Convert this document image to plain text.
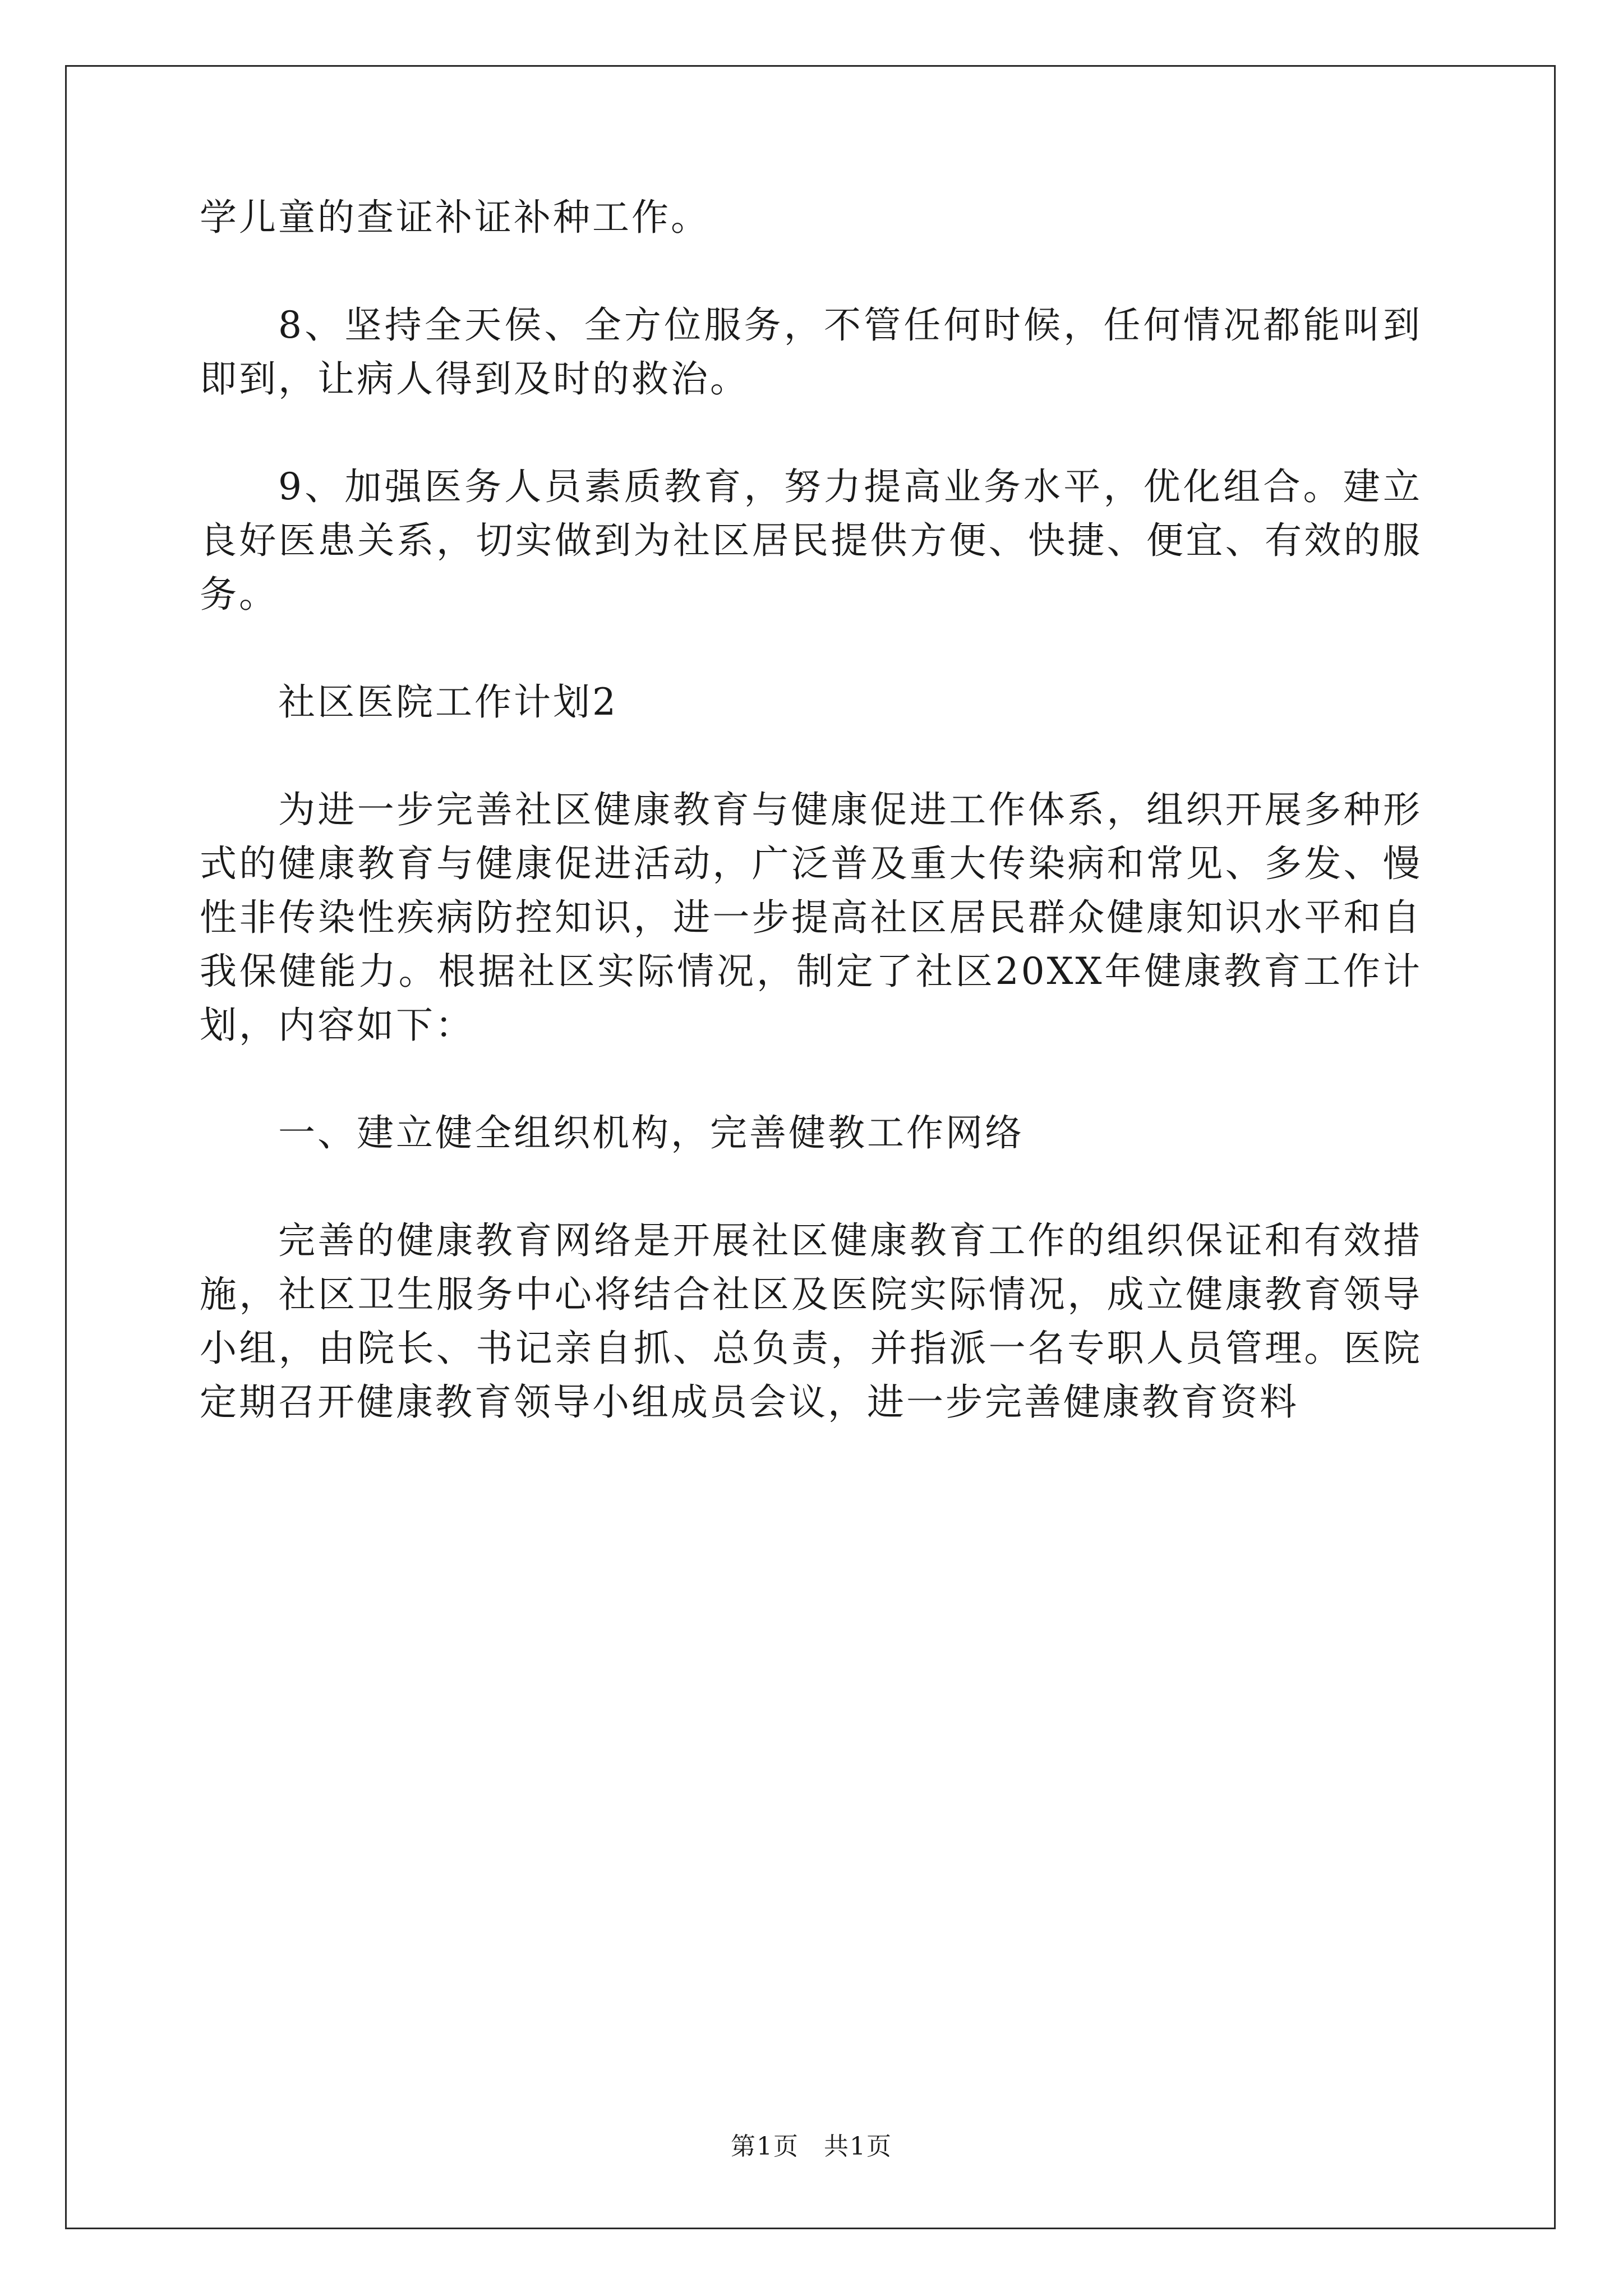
学儿童的查证补证补种工作。

8、坚持全天侯、全方位服务，不管任何时候，任何情况都能叫到即到，让病人得到及时的救治。

9、加强医务人员素质教育，努力提高业务水平，优化组合。建立良好医患关系，切实做到为社区居民提供方便、快捷、便宜、有效的服务。

社区医院工作计划2

为进一步完善社区健康教育与健康促进工作体系，组织开展多种形式的健康教育与健康促进活动，广泛普及重大传染病和常见、多发、慢性非传染性疾病防控知识，进一步提高社区居民群众健康知识水平和自我保健能力。根据社区实际情况，制定了社区20XX年健康教育工作计划，内容如下：

一、建立健全组织机构，完善健教工作网络

完善的健康教育网络是开展社区健康教育工作的组织保证和有效措施，社区卫生服务中心将结合社区及医院实际情况，成立健康教育领导小组，由院长、书记亲自抓、总负责，并指派一名专职人员管理。医院定期召开健康教育领导小组成员会议，进一步完善健康教育资料

第1页 共1页
